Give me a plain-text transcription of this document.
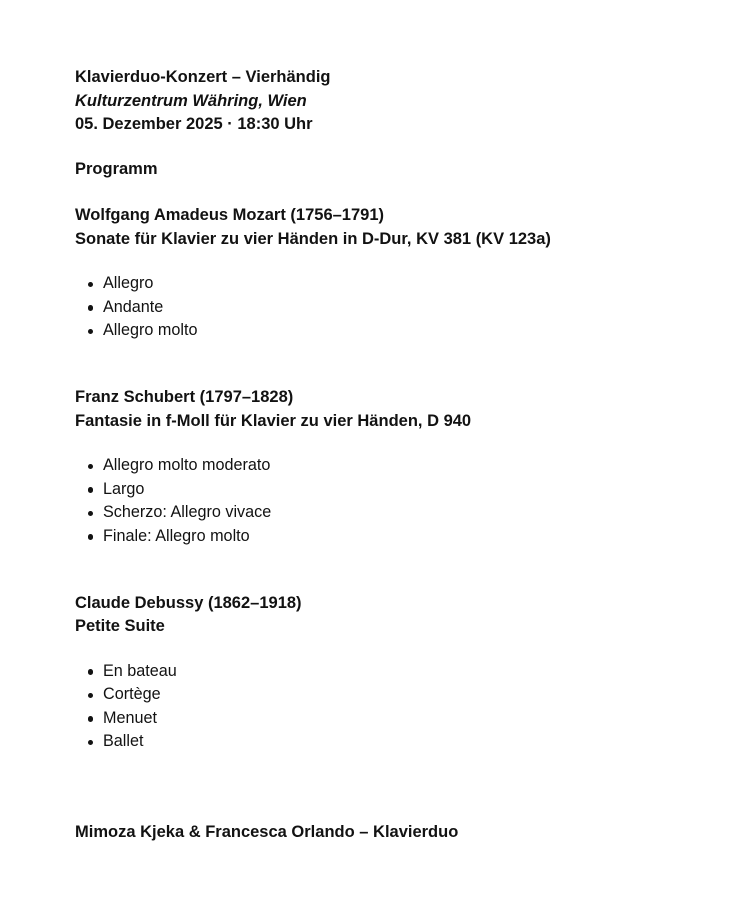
Klavierduo-Konzert – Vierhändig
Kulturzentrum Währing, Wien
05. Dezember 2025 · 18:30 Uhr
Programm
Wolfgang Amadeus Mozart (1756–1791)
Sonate für Klavier zu vier Händen in D-Dur, KV 381 (KV 123a)
Allegro
Andante
Allegro molto
Franz Schubert (1797–1828)
Fantasie in f-Moll für Klavier zu vier Händen, D 940
Allegro molto moderato
Largo
Scherzo: Allegro vivace
Finale: Allegro molto
Claude Debussy (1862–1918)
Petite Suite
En bateau
Cortège
Menuet
Ballet
Mimoza Kjeka & Francesca Orlando – Klavierduo
